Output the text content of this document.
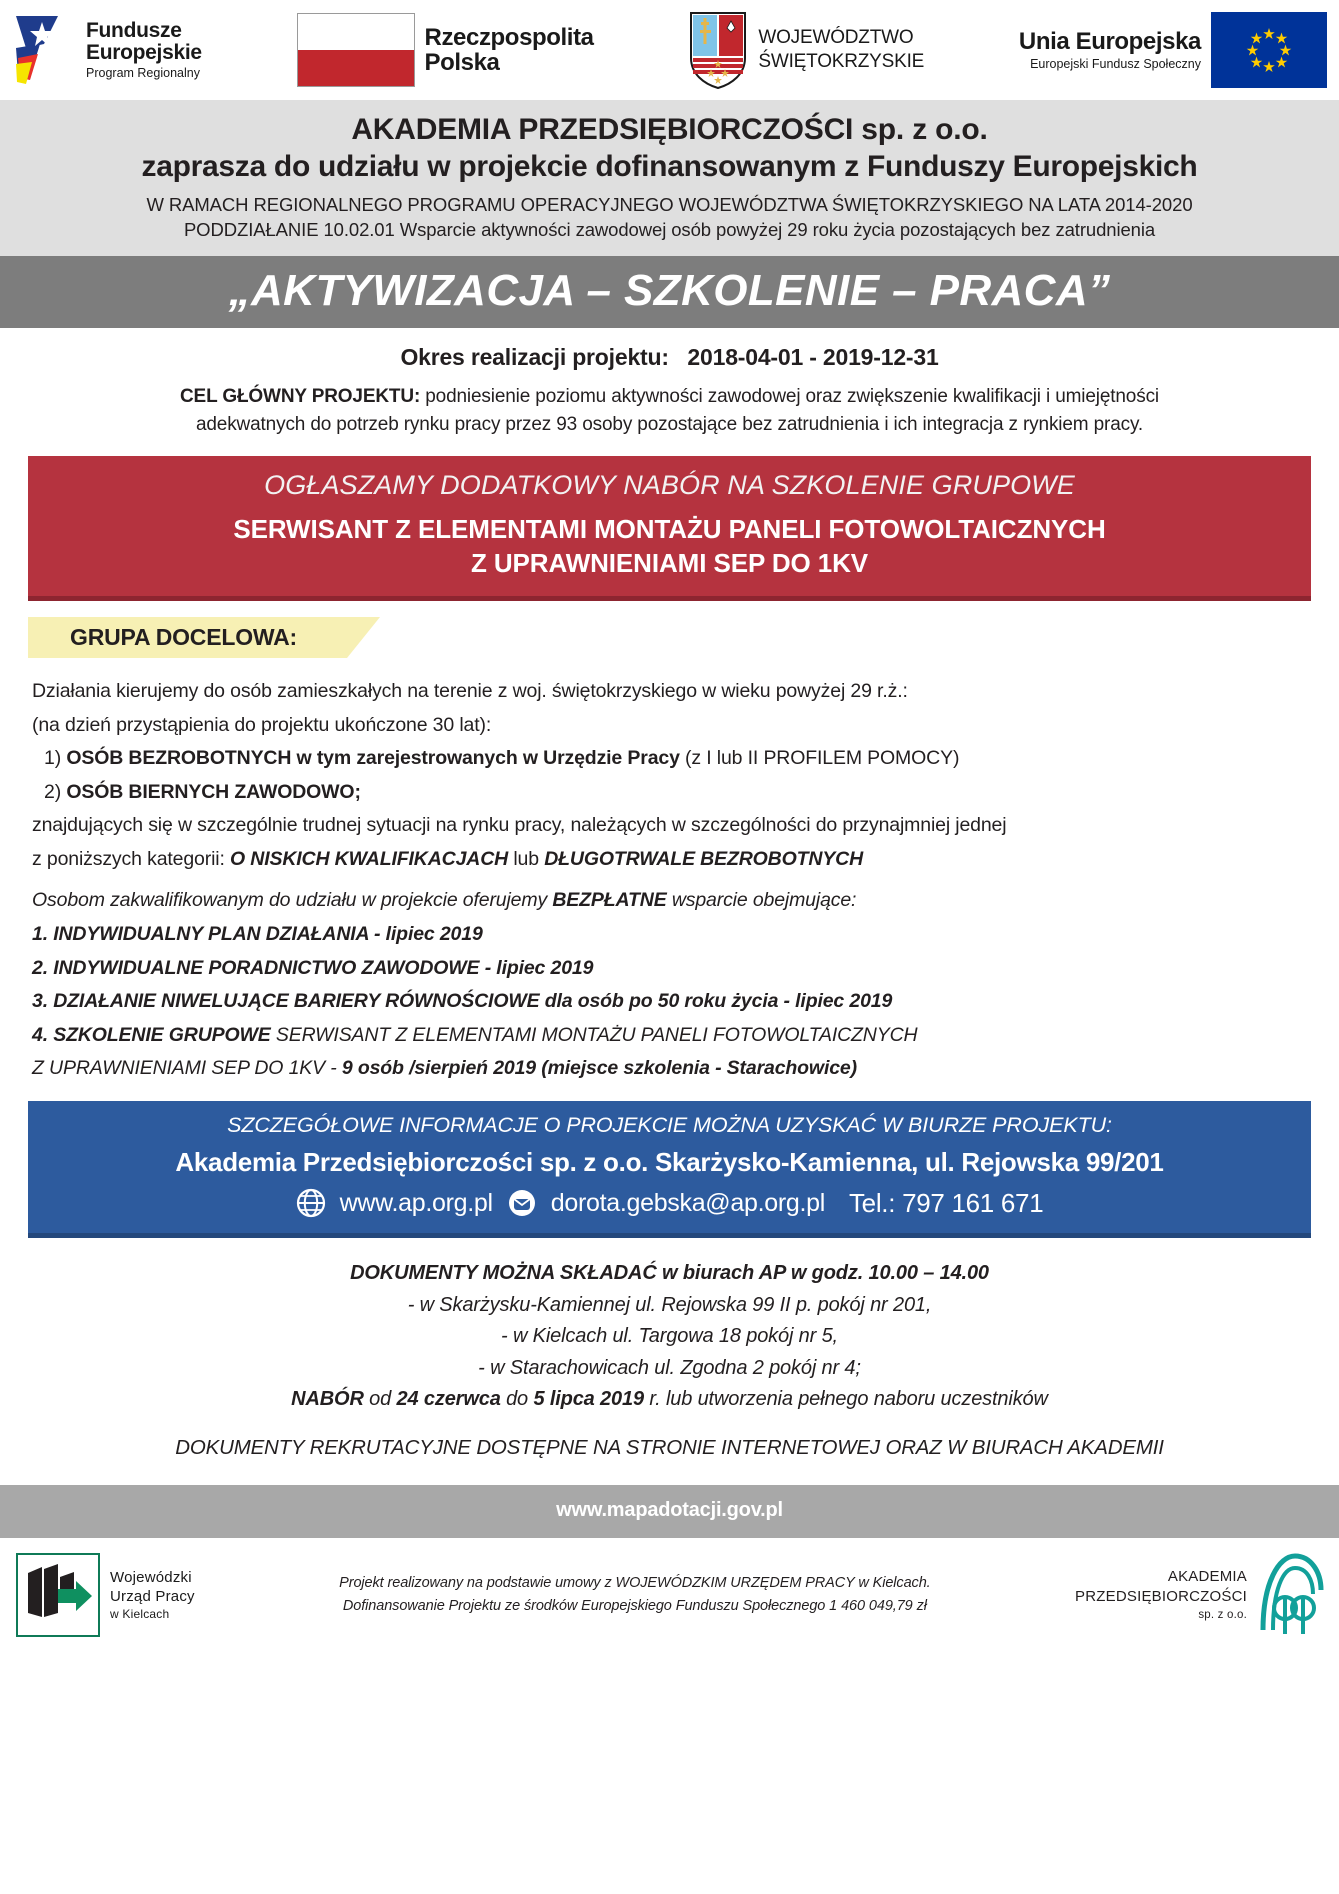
Fundusze
Europejskie
Program Regionalny
Rzeczpospolita
Polska
WOJEWÓDZTWO
ŚWIĘTOKRZYSKIE
Unia Europejska
Europejski Fundusz Społeczny
AKADEMIA PRZEDSIĘBIORCZOŚCI sp. z o.o.
zaprasza do udziału w projekcie dofinansowanym z Funduszy Europejskich
W RAMACH REGIONALNEGO PROGRAMU OPERACYJNEGO WOJEWÓDZTWA ŚWIĘTOKRZYSKIEGO NA LATA 2014-2020
PODDZIAŁANIE 10.02.01 Wsparcie aktywności zawodowej osób powyżej 29 roku życia pozostających bez zatrudnienia
„AKTYWIZACJA – SZKOLENIE – PRACA”
Okres realizacji projektu: 2018-04-01 - 2019-12-31
CEL GŁÓWNY PROJEKTU: podniesienie poziomu aktywności zawodowej oraz zwiększenie kwalifikacji i umiejętności
adekwatnych do potrzeb rynku pracy przez 93 osoby pozostające bez zatrudnienia i ich integracja z rynkiem pracy.
OGŁASZAMY DODATKOWY NABÓR NA SZKOLENIE GRUPOWE
SERWISANT Z ELEMENTAMI MONTAŻU PANELI FOTOWOLTAICZNYCH
Z UPRAWNIENIAMI SEP DO 1KV
GRUPA DOCELOWA:

Działania kierujemy do osób zamieszkałych na terenie z woj. świętokrzyskiego w wieku powyżej 29 r.ż.:

(na dzień przystąpienia do projektu ukończone 30 lat):

1) OSÓB BEZROBOTNYCH w tym zarejestrowanych w Urzędzie Pracy (z I lub II PROFILEM POMOCY)

2) OSÓB BIERNYCH ZAWODOWO;

znajdujących się w szczególnie trudnej sytuacji na rynku pracy, należących w szczególności do przynajmniej jednej

z poniższych kategorii: O NISKICH KWALIFIKACJACH lub DŁUGOTRWALE BEZROBOTNYCH

Osobom zakwalifikowanym do udziału w projekcie oferujemy BEZPŁATNE wsparcie obejmujące:

1. INDYWIDUALNY PLAN DZIAŁANIA - lipiec 2019

2. INDYWIDUALNE PORADNICTWO ZAWODOWE - lipiec 2019

3. DZIAŁANIE NIWELUJĄCE BARIERY RÓWNOŚCIOWE dla osób po 50 roku życia - lipiec 2019

4. SZKOLENIE GRUPOWE SERWISANT Z ELEMENTAMI MONTAŻU PANELI FOTOWOLTAICZNYCH

Z UPRAWNIENIAMI SEP DO 1KV - 9 osób /sierpień 2019 (miejsce szkolenia - Starachowice)

SZCZEGÓŁOWE INFORMACJE O PROJEKCIE MOŻNA UZYSKAĆ W BIURZE PROJEKTU:
Akademia Przedsiębiorczości sp. z o.o. Skarżysko-Kamienna, ul. Rejowska 99/201
www.ap.org.pl dorota.gebska@ap.org.pl Tel.: 797 161 671

DOKUMENTY MOŻNA SKŁADAĆ w biurach AP w godz. 10.00 – 14.00

- w Skarżysku-Kamiennej ul. Rejowska 99 II p. pokój nr 201,

- w Kielcach ul. Targowa 18 pokój nr 5,

- w Starachowicach ul. Zgodna 2 pokój nr 4;

NABÓR od 24 czerwca do 5 lipca 2019 r. lub utworzenia pełnego naboru uczestników

DOKUMENTY REKRUTACYJNE DOSTĘPNE NA STRONIE INTERNETOWEJ ORAZ W BIURACH AKADEMII

www.mapadotacji.gov.pl
Wojewódzki
Urząd Pracy
w Kielcach
Projekt realizowany na podstawie umowy z WOJEWÓDZKIM URZĘDEM PRACY w Kielcach.
Dofinansowanie Projektu ze środków Europejskiego Funduszu Społecznego 1 460 049,79 zł
AKADEMIA
PRZEDSIĘBIORCZOŚCI
sp. z o.o.
